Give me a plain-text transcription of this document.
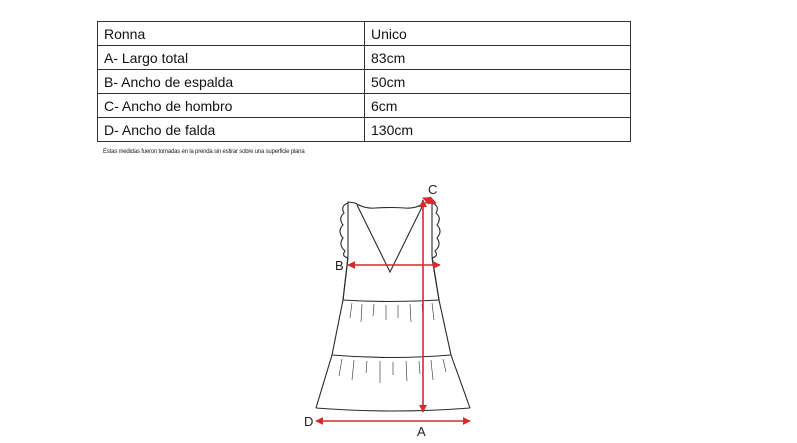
Ronna	Unico
A- Largo total	83cm
B- Ancho de espalda	50cm
C- Ancho de hombro	6cm
D- Ancho de falda	130cm
Estas medidas fueron tomadas en la prenda sin estirar sobre una superficie plana
A
B
C
D
